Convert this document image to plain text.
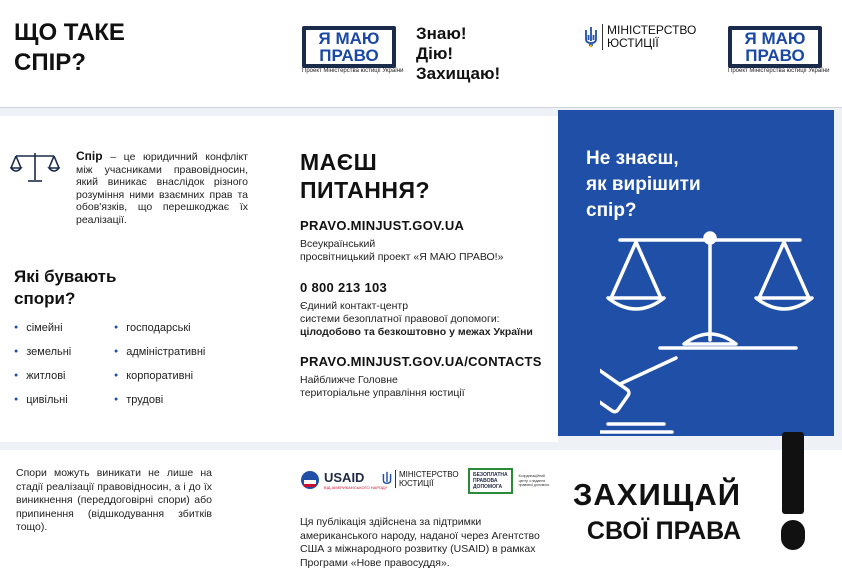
ЩО ТАКЕ
СПІР?
Я МАЮ
ПРАВО
Проект Міністерства юстиції України
Знаю!
Дію!
Захищаю!
МІНІСТЕРСТВО
ЮСТИЦІЇ	Я МАЮ
ПРАВО
Проект Міністерства юстиції України
Спір – це юридичний конфлікт між учасниками правовідносин, який виникає внаслідок різного розуміння ними взаємних прав та обов'язків, що перешкоджає їх реалізації.
Які бувають
спори?
● сімейні
● земельні
● житлові
● цивільні
● господарські
● адміністративні
● корпоративні
● трудові
МАЄШ
ПИТАННЯ?
PRAVO.MINJUST.GOV.UA
Всеукраїнський
просвітницький проект «Я МАЮ ПРАВО!»
0 800 213 103
Єдиний контакт-центр
системи безоплатної правової допомоги:
цілодобово та безкоштовно у межах України
PRAVO.MINJUST.GOV.UA/CONTACTS
Найближче Головне
територіальне управління юстиції
Не знаєш,
як вирішити
спір?
Спори можуть виникати не лише на стадії реалізації правовідносин, а і до їх виникнення (переддоговірні спори) або припинення (відшкодування збитків тощо).
USAID
ВІД АМЕРИКАНСЬКОГО НАРОДУ
МІНІСТЕРСТВО
ЮСТИЦІЇ
БЕЗОПЛАТНА
ПРАВОВА
ДОПОМОГА
Координаційний центр з надання правової допомоги
Ця публікація здійснена за підтримки американського народу, наданої через Агентство США з міжнародного розвитку (USAID) в рамках Програми «Нове правосуддя».
ЗАХИЩАЙ
СВОЇ ПРАВА
